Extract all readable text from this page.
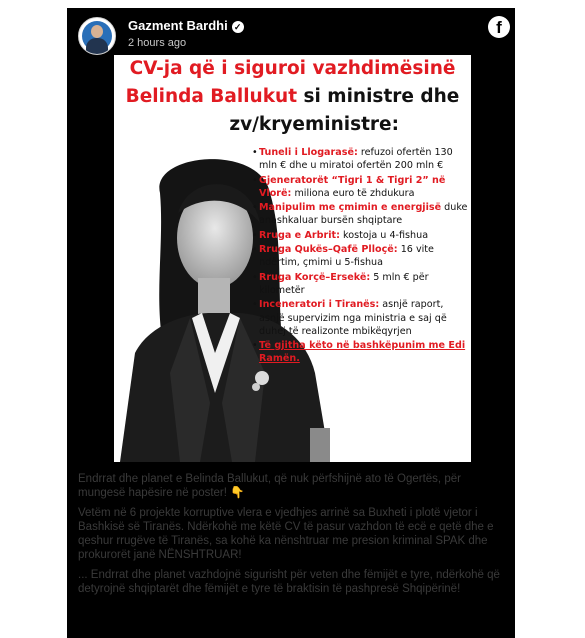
Gazment Bardhi ✓
2 hours ago
f
CV-ja që i siguroi vazhdimësinë
Belinda Ballukut si ministre dhe
zv/kryeministre:
• Tuneli i Llogarasë: refuzoi ofertën 130 mln € dhe u miratoi ofertën 200 mln €
• Gjeneratorët “Tigri 1 & Tigri 2” në Vlorë: miliona euro të zhdukura
• Manipulim me çmimin e energjisë duke anashkaluar bursën shqiptare
• Rruga e Arbrit: kostoja u 4-fishua
• Rruga Qukës–Qafë Plloçë: 16 vite ndërtim, çmimi u 5-fishua
• Rruga Korçë–Ersekë: 5 mln € për kilometër
• Inceneratori i Tiranës: asnjë raport, asnjë supervizim nga ministria e saj që duhej të realizonte mbikëqyrjen
• Të gjitha këto në bashkëpunim me Edi Ramën.

Endrrat dhe planet e Belinda Ballukut, që nuk përfshijnë ato të Ogertës, për mungesë hapësire në poster! 👇

Vetëm në 6 projekte korruptive vlera e vjedhjes arrinë sa Buxheti i plotë vjetor i Bashkisë së Tiranës. Ndërkohë me këtë CV të pasur vazhdon të ecë e qetë dhe e qeshur rrugëve të Tiranës, sa kohë ka nënshtruar me presion kriminal SPAK dhe prokurorët janë NËNSHTRUAR!

... Endrrat dhe planet vazhdojnë sigurisht për veten dhe fëmijët e tyre, ndërkohë që detyrojnë shqiptarët dhe fëmijët e tyre të braktisin të pashpresë Shqipërinë!
